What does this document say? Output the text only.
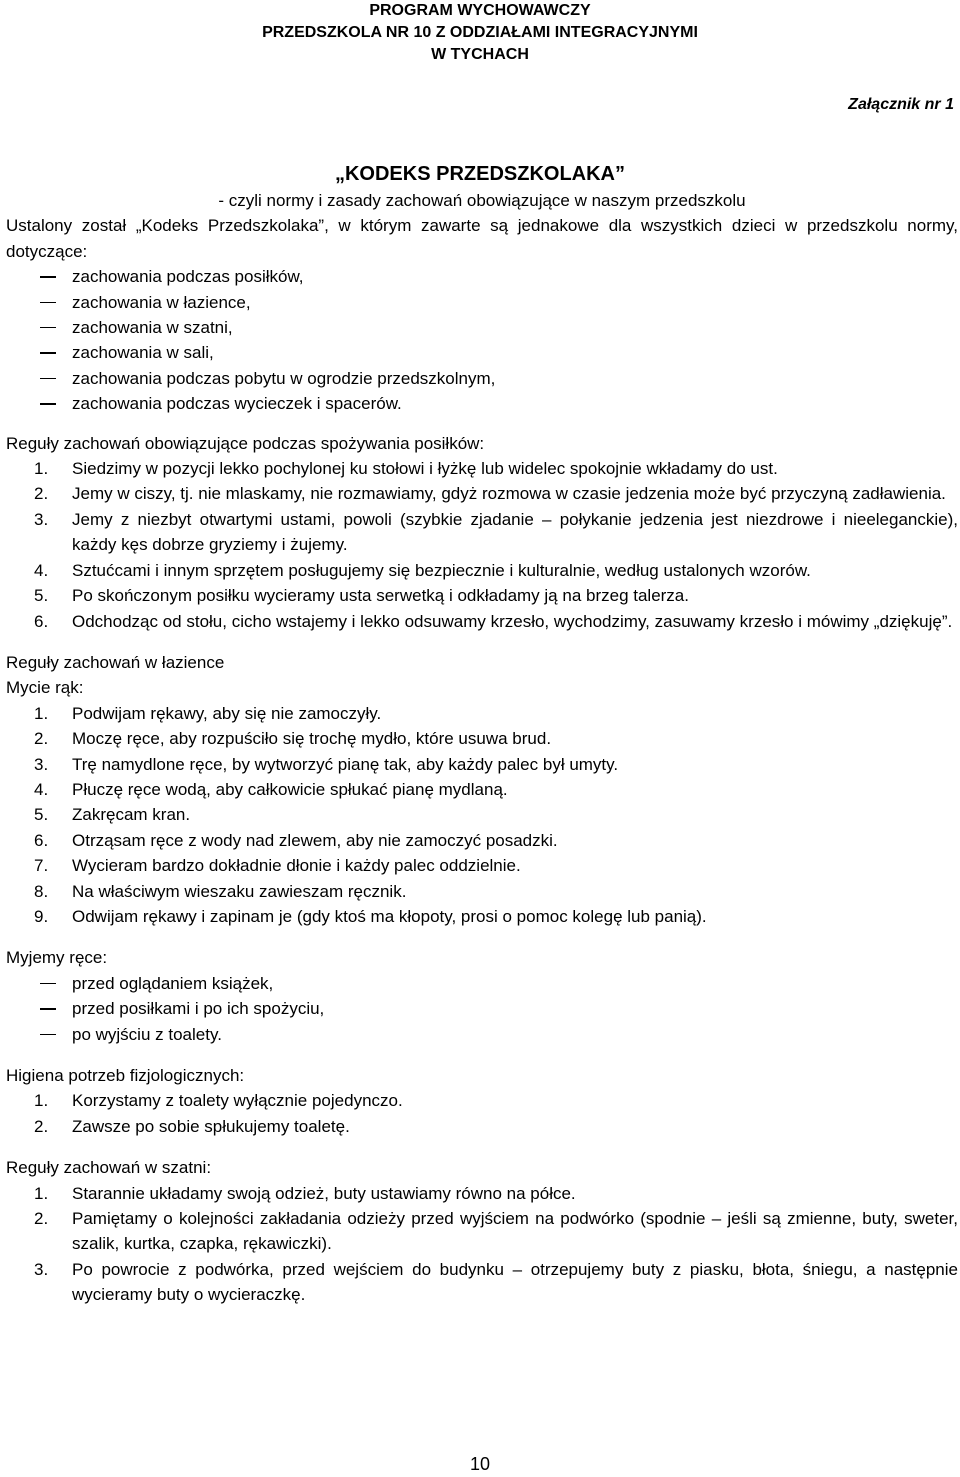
PROGRAM WYCHOWAWCZY
PRZEDSZKOLA NR 10 Z ODDZIAŁAMI INTEGRACYJNYMI
W TYCHACH
Załącznik nr 1
„KODEKS PRZEDSZKOLAKA”

- czyli normy i zasady zachowań obowiązujące w naszym przedszkolu

Ustalony został „Kodeks Przedszkolaka”, w którym zawarte są jednakowe dla wszystkich dzieci w przedszkolu normy, dotyczące:

zachowania podczas posiłków,
zachowania w łazience,
zachowania w szatni,
zachowania w sali,
zachowania podczas pobytu w ogrodzie przedszkolnym,
zachowania podczas wycieczek i spacerów.

Reguły zachowań obowiązujące podczas spożywania posiłków:

1.	Siedzimy w pozycji lekko pochylonej ku stołowi i łyżkę lub widelec spokojnie wkładamy do ust.
2.	Jemy w ciszy, tj. nie mlaskamy, nie rozmawiamy, gdyż rozmowa w czasie jedzenia może być przyczyną zadławienia.
3.	Jemy z niezbyt otwartymi ustami, powoli (szybkie zjadanie – połykanie jedzenia jest niezdrowe i nieeleganckie), każdy kęs dobrze gryziemy i żujemy.
4.	Sztućcami i innym sprzętem posługujemy się bezpiecznie i kulturalnie, według ustalonych wzorów.
5.	Po skończonym posiłku wycieramy usta serwetką i odkładamy ją na brzeg talerza.
6.	Odchodząc od stołu, cicho wstajemy i lekko odsuwamy krzesło, wychodzimy, zasuwamy krzesło i mówimy „dziękuję”.

Reguły zachowań w łazience

Mycie rąk:

1.	Podwijam rękawy, aby się nie zamoczyły.
2.	Moczę ręce, aby rozpuściło się trochę mydło, które usuwa brud.
3.	Trę namydlone ręce, by wytworzyć pianę tak, aby każdy palec był umyty.
4.	Płuczę ręce wodą, aby całkowicie spłukać pianę mydlaną.
5.	Zakręcam kran.
6.	Otrząsam ręce z wody nad zlewem, aby nie zamoczyć posadzki.
7.	Wycieram bardzo dokładnie dłonie i każdy palec oddzielnie.
8.	Na właściwym wieszaku zawieszam ręcznik.
9.	Odwijam rękawy i zapinam je (gdy ktoś ma kłopoty, prosi o pomoc kolegę lub panią).

Myjemy ręce:

przed oglądaniem książek,
przed posiłkami i po ich spożyciu,
po wyjściu z toalety.

Higiena potrzeb fizjologicznych:

1.	Korzystamy z toalety wyłącznie pojedynczo.
2.	Zawsze po sobie spłukujemy toaletę.

Reguły zachowań w szatni:

1.	Starannie układamy swoją odzież, buty ustawiamy równo na półce.
2.	Pamiętamy o kolejności zakładania odzieży przed wyjściem na podwórko (spodnie – jeśli są zmienne, buty, sweter, szalik, kurtka, czapka, rękawiczki).
3.	Po powrocie z podwórka, przed wejściem do budynku – otrzepujemy buty z piasku, błota, śniegu, a następnie wycieramy buty o wycieraczkę.
10
